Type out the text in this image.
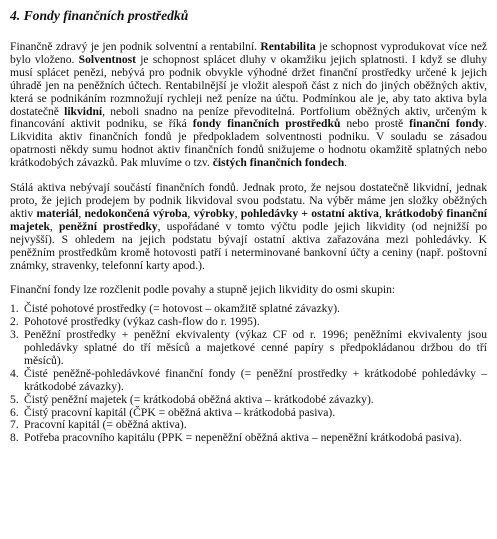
4. Fondy finančních prostředků

Finančně zdravý je jen podnik solventní a rentabilní. Rentabilita je schopnost vyprodukovat více než bylo vloženo. Solventnost je schopnost splácet dluhy v okamžiku jejich splatnosti. I když se dluhy musí splácet penězi, nebývá pro podnik obvykle výhodné držet finanční prostředky určené k jejich úhradě jen na peněžních účtech. Rentabilnější je vložit alespoň část z nich do jiných oběžných aktiv, která se podnikáním rozmnožují rychleji než peníze na účtu. Podmínkou ale je, aby tato aktiva byla dostatečně likvidní, neboli snadno na peníze převoditelná. Portfolium oběžných aktiv, určeným k financování aktivit podniku, se říká fondy finančních prostředků nebo prostě finanční fondy. Likvidita aktiv finančních fondů je předpokladem solventnosti podniku. V souladu se zásadou opatrnosti někdy sumu hodnot aktiv finančních fondů snižujeme o hodnotu okamžitě splatných nebo krátkodobých závazků. Pak mluvíme o tzv. čistých finančních fondech.

Stálá aktiva nebývají součástí finančních fondů. Jednak proto, že nejsou dostatečně likvidní, jednak proto, že jejich prodejem by podnik likvidoval svou podstatu. Na výběr máme jen složky oběžných aktiv materiál, nedokončená výroba, výrobky, pohledávky + ostatní aktiva, krátkodobý finanční majetek, peněžní prostředky, uspořádané v tomto výčtu podle jejich likvidity (od nejnižší po nejvyšší). S ohledem na jejich podstatu bývají ostatní aktiva zařazována mezi pohledávky. K peněžním prostředkům kromě hotovosti patří i neterminované bankovní účty a ceniny (např. poštovní známky, stravenky, telefonní karty apod.).

Finanční fondy lze rozčlenit podle povahy a stupně jejich likvidity do osmi skupin:

1. Čisté pohotové prostředky (= hotovost – okamžitě splatné závazky).
2. Pohotové prostředky (výkaz cash-flow do r. 1995).
3. Peněžní prostředky + peněžní ekvivalenty (výkaz CF od r. 1996; peněžními ekvivalenty jsou pohledávky splatné do tří měsíců a majetkové cenné papíry s předpokládanou držbou do tří měsíců).
4. Čisté peněžně-pohledávkové finanční fondy (= peněžní prostředky + krátkodobé pohledávky – krátkodobé závazky).
5. Čistý peněžní majetek (= krátkodobá oběžná aktiva – krátkodobé závazky).
6. Čistý pracovní kapitál (ČPK = oběžná aktiva – krátkodobá pasiva).
7. Pracovní kapitál (= oběžná aktiva).
8. Potřeba pracovního kapitálu (PPK = nepeněžní oběžná aktiva – nepeněžní krátkodobá pasiva).
